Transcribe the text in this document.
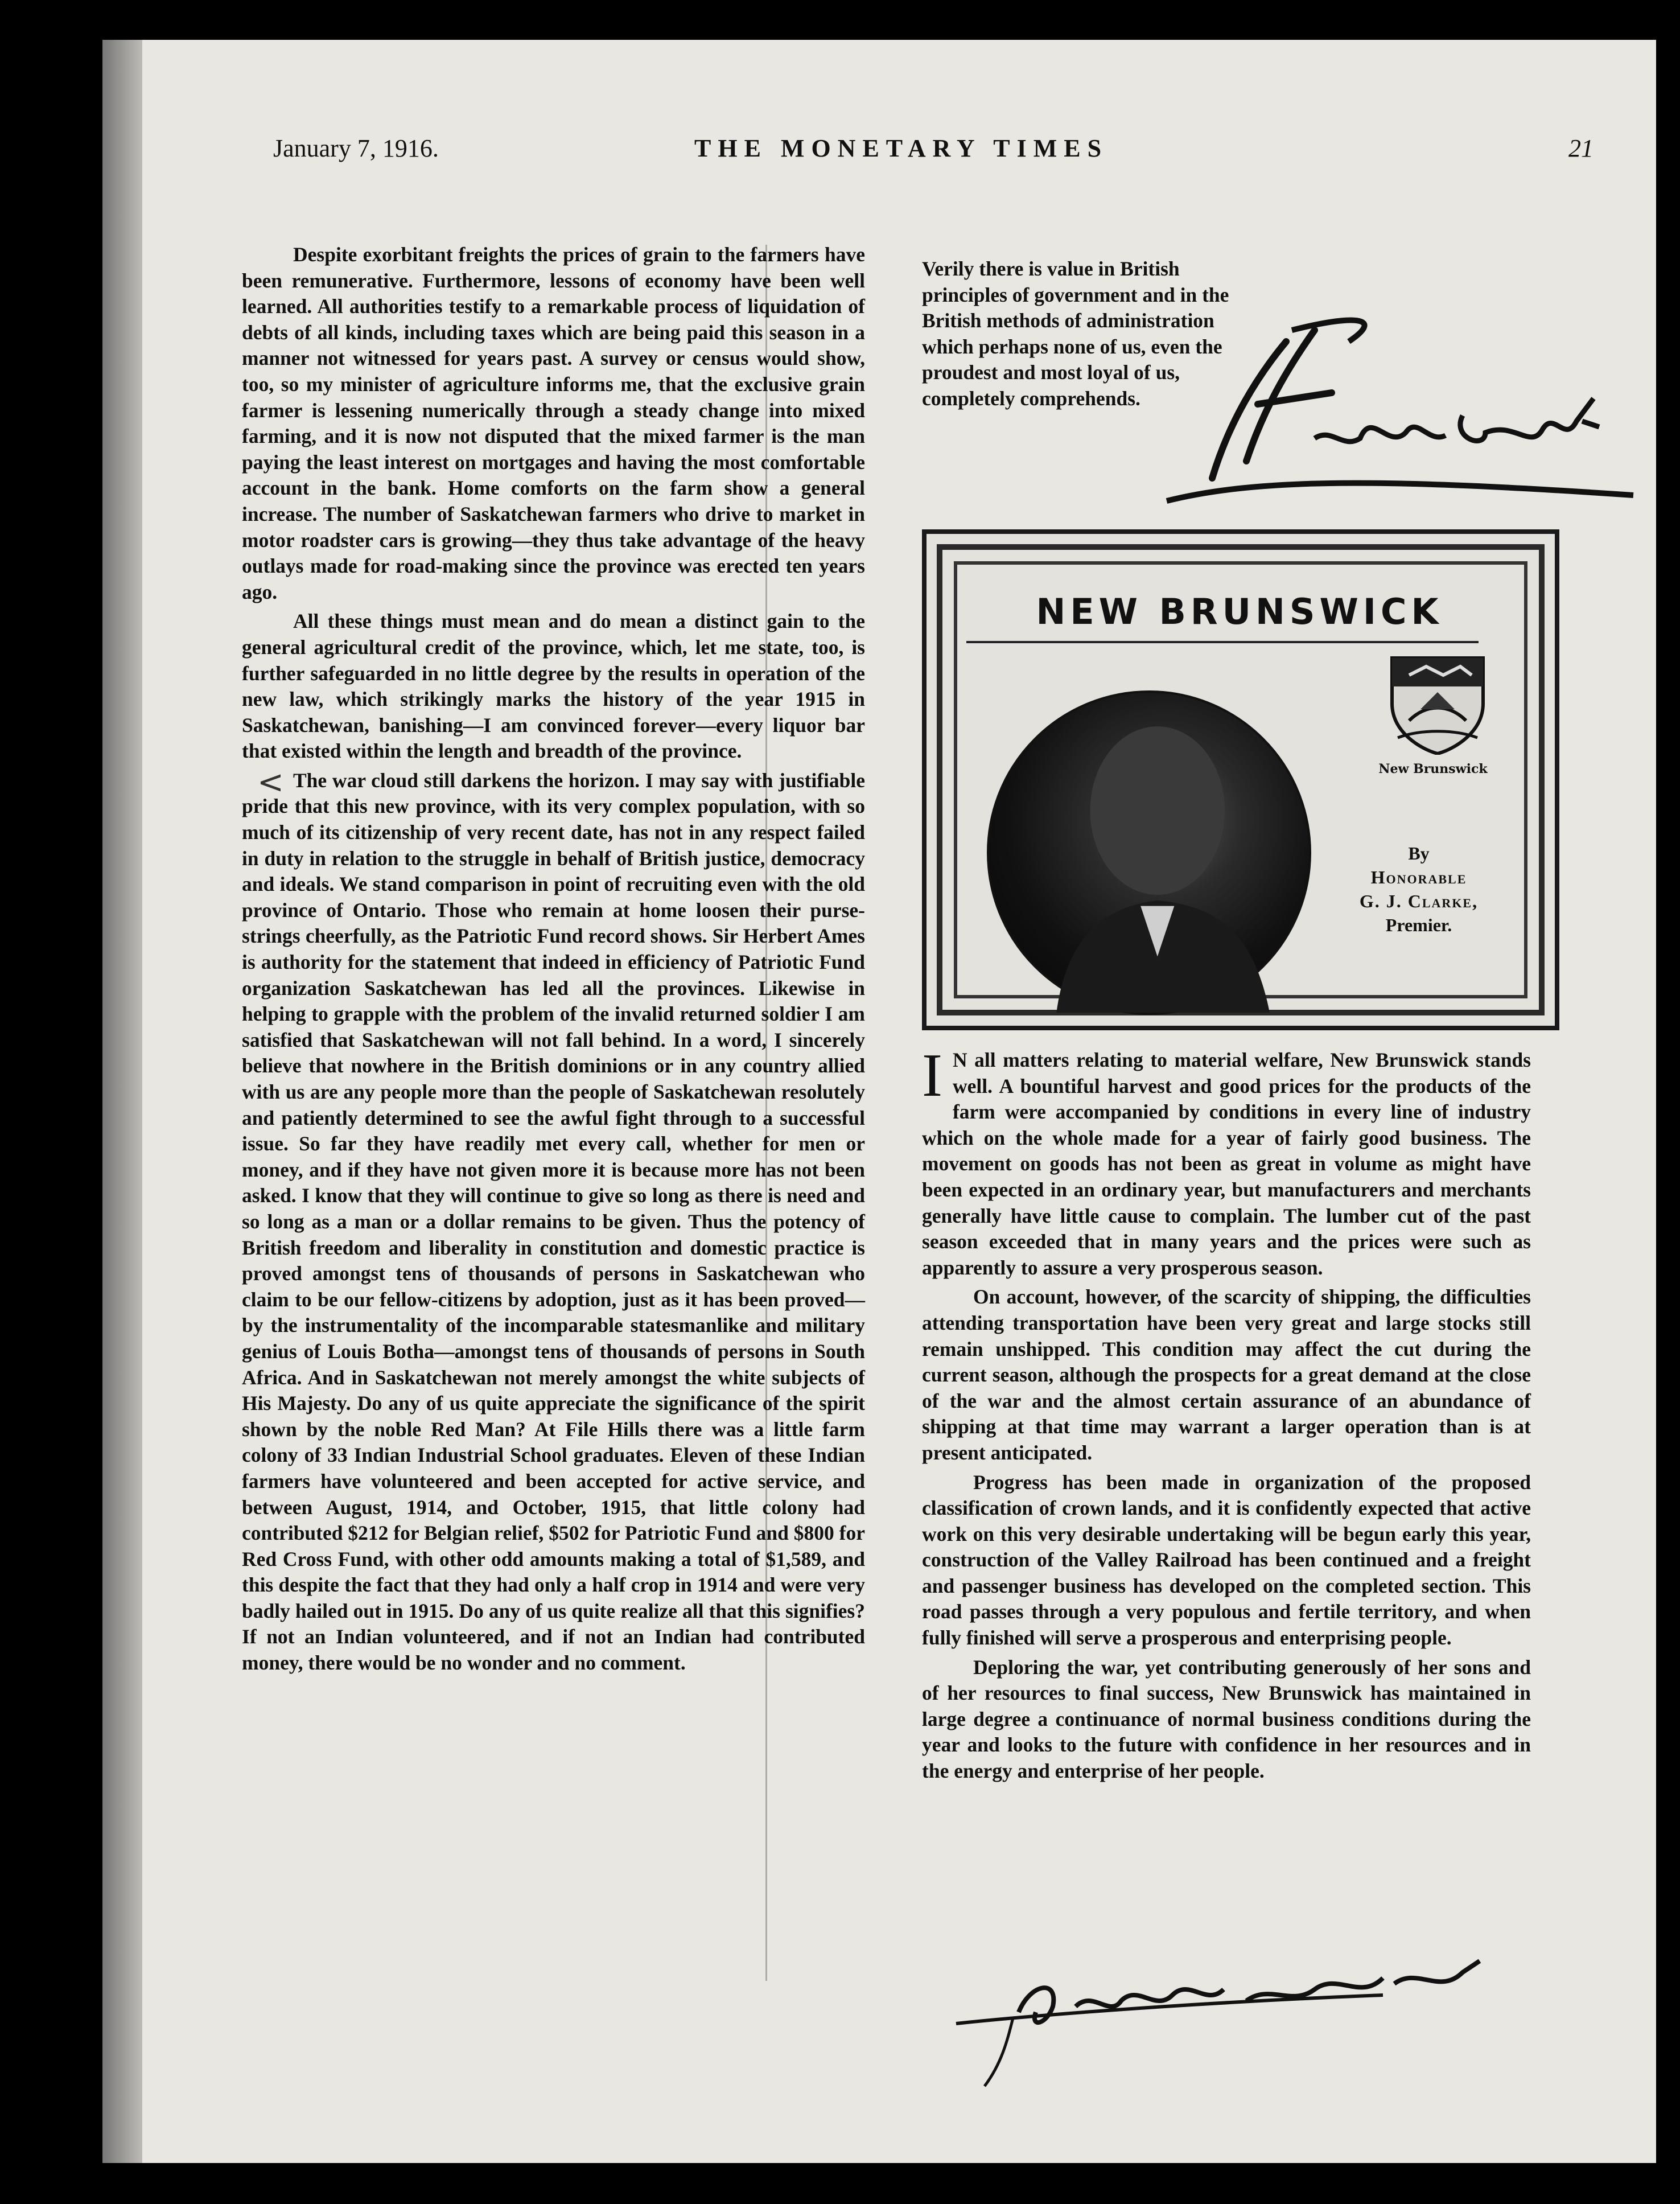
January 7, 1916.	THE MONETARY TIMES	21
<

Despite exorbitant freights the prices of grain to the farmers have been remunerative. Furthermore, lessons of economy have been well learned. All authorities testify to a remarkable process of liquidation of debts of all kinds, including taxes which are being paid this season in a manner not witnessed for years past. A survey or census would show, too, so my minister of agriculture informs me, that the exclusive grain farmer is lessening numerically through a steady change into mixed farming, and it is now not disputed that the mixed farmer is the man paying the least interest on mortgages and having the most comfortable account in the bank. Home comforts on the farm show a general increase. The number of Saskatchewan farmers who drive to market in motor roadster cars is growing—they thus take advantage of the heavy outlays made for road-making since the province was erected ten years ago.

All these things must mean and do mean a distinct gain to the general agricultural credit of the province, which, let me state, too, is further safeguarded in no little degree by the results in operation of the new law, which strikingly marks the history of the year 1915 in Saskatchewan, banishing—I am convinced forever—every liquor bar that existed within the length and breadth of the province.

The war cloud still darkens the horizon. I may say with justifiable pride that this new province, with its very complex population, with so much of its citizenship of very recent date, has not in any respect failed in duty in relation to the struggle in behalf of British justice, democracy and ideals. We stand comparison in point of recruiting even with the old province of Ontario. Those who remain at home loosen their purse-strings cheerfully, as the Patriotic Fund record shows. Sir Herbert Ames is authority for the statement that indeed in efficiency of Patriotic Fund organization Saskatchewan has led all the provinces. Likewise in helping to grapple with the problem of the invalid returned soldier I am satisfied that Saskatchewan will not fall behind. In a word, I sincerely believe that nowhere in the British dominions or in any country allied with us are any people more than the people of Saskatchewan resolutely and patiently determined to see the awful fight through to a successful issue. So far they have readily met every call, whether for men or money, and if they have not given more it is because more has not been asked. I know that they will continue to give so long as there is need and so long as a man or a dollar remains to be given. Thus the potency of British freedom and liberality in constitution and domestic practice is proved amongst tens of thousands of persons in Saskatchewan who claim to be our fellow-citizens by adoption, just as it has been proved—by the instrumentality of the incomparable statesmanlike and military genius of Louis Botha—amongst tens of thousands of persons in South Africa. And in Saskatchewan not merely amongst the white subjects of His Majesty. Do any of us quite appreciate the significance of the spirit shown by the noble Red Man? At File Hills there was a little farm colony of 33 Indian Industrial School graduates. Eleven of these Indian farmers have volunteered and been accepted for active service, and between August, 1914, and October, 1915, that little colony had contributed $212 for Belgian relief, $502 for Patriotic Fund and $800 for Red Cross Fund, with other odd amounts making a total of $1,589, and this despite the fact that they had only a half crop in 1914 and were very badly hailed out in 1915. Do any of us quite realize all that this signifies? If not an Indian volunteered, and if not an Indian had contributed money, there would be no wonder and no comment.

Verily there is value in British principles of government and in the British methods of administration which perhaps none of us, even the proudest and most loyal of us, completely comprehends.

NEW BRUNSWICK
New Brunswick
By
Honorable
G. J. Clarke,
Premier.

I N all matters relating to material welfare, New Brunswick stands well. A bountiful harvest and good prices for the products of the farm were accompanied by conditions in every line of industry which on the whole made for a year of fairly good business. The movement on goods has not been as great in volume as might have been expected in an ordinary year, but manufacturers and merchants generally have little cause to complain. The lumber cut of the past season exceeded that in many years and the prices were such as apparently to assure a very prosperous season.

On account, however, of the scarcity of shipping, the difficulties attending transportation have been very great and large stocks still remain unshipped. This condition may affect the cut during the current season, although the prospects for a great demand at the close of the war and the almost certain assurance of an abundance of shipping at that time may warrant a larger operation than is at present anticipated.

Progress has been made in organization of the proposed classification of crown lands, and it is confidently expected that active work on this very desirable undertaking will be begun early this year, construction of the Valley Railroad has been continued and a freight and passenger business has developed on the completed section. This road passes through a very populous and fertile territory, and when fully finished will serve a prosperous and enterprising people.

Deploring the war, yet contributing generously of her sons and of her resources to final success, New Brunswick has maintained in large degree a continuance of normal business conditions during the year and looks to the future with confidence in her resources and in the energy and enterprise of her people.
